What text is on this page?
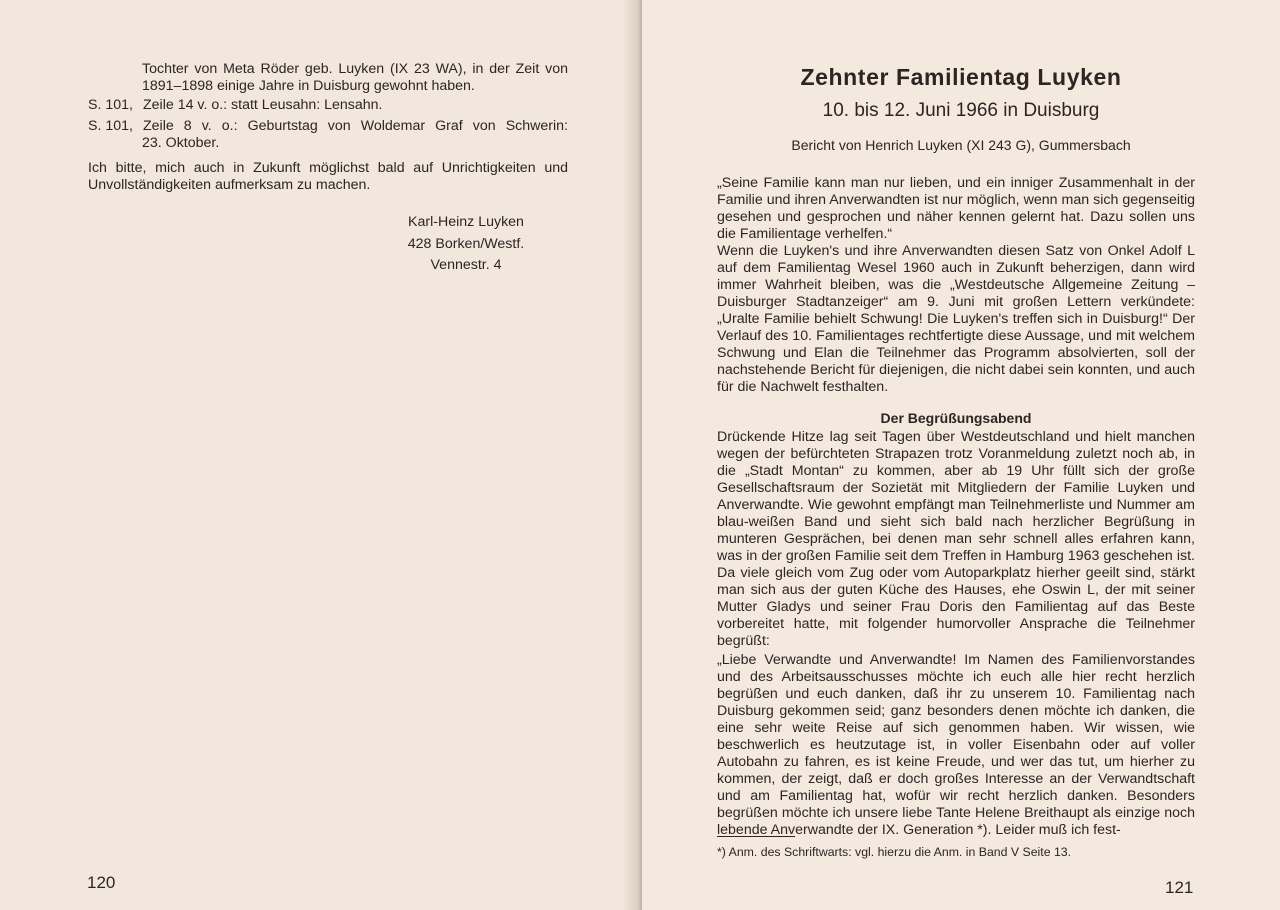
Tochter von Meta Röder geb. Luyken (IX 23 WA), in der Zeit von 1891–1898 einige Jahre in Duisburg gewohnt haben.

S. 101, Zeile 14 v. o.: statt Leusahn: Lensahn.
S. 101, Zeile 8 v. o.: Geburtstag von Woldemar Graf von Schwerin:
23. Oktober.

Ich bitte, mich auch in Zukunft möglichst bald auf Unrichtigkeiten und Unvollständigkeiten aufmerksam zu machen.

Karl-Heinz Luyken
428 Borken/Westf.
Vennestr. 4
120
Zehnter Familientag Luyken
10. bis 12. Juni 1966 in Duisburg
Bericht von Henrich Luyken (XI 243 G), Gummersbach

„Seine Familie kann man nur lieben, und ein inniger Zusammenhalt in der Familie und ihren Anverwandten ist nur möglich, wenn man sich gegenseitig gesehen und gesprochen und näher kennen gelernt hat. Dazu sollen uns die Familientage verhelfen.“

Wenn die Luyken's und ihre Anverwandten diesen Satz von Onkel Adolf L auf dem Familientag Wesel 1960 auch in Zukunft beherzigen, dann wird immer Wahrheit bleiben, was die „Westdeutsche Allgemeine Zeitung – Duisburger Stadtanzeiger“ am 9. Juni mit großen Lettern verkündete: „Uralte Familie behielt Schwung! Die Luyken's treffen sich in Duisburg!“ Der Verlauf des 10. Familientages rechtfertigte diese Aussage, und mit welchem Schwung und Elan die Teilnehmer das Programm absolvierten, soll der nachstehende Bericht für diejenigen, die nicht dabei sein konnten, und auch für die Nachwelt festhalten.

Der Begrüßungsabend

Drückende Hitze lag seit Tagen über Westdeutschland und hielt manchen wegen der befürchteten Strapazen trotz Voranmeldung zuletzt noch ab, in die „Stadt Montan“ zu kommen, aber ab 19 Uhr füllt sich der große Gesellschaftsraum der Sozietät mit Mitgliedern der Familie Luyken und Anverwandte. Wie gewohnt empfängt man Teilnehmerliste und Nummer am blau-weißen Band und sieht sich bald nach herzlicher Begrüßung in munteren Gesprächen, bei denen man sehr schnell alles erfahren kann, was in der großen Familie seit dem Treffen in Hamburg 1963 geschehen ist. Da viele gleich vom Zug oder vom Autoparkplatz hierher geeilt sind, stärkt man sich aus der guten Küche des Hauses, ehe Oswin L, der mit seiner Mutter Gladys und seiner Frau Doris den Familientag auf das Beste vorbereitet hatte, mit folgender humorvoller Ansprache die Teilnehmer begrüßt:

„Liebe Verwandte und Anverwandte! Im Namen des Familienvorstandes und des Arbeitsausschusses möchte ich euch alle hier recht herzlich begrüßen und euch danken, daß ihr zu unserem 10. Familientag nach Duisburg gekommen seid; ganz besonders denen möchte ich danken, die eine sehr weite Reise auf sich genommen haben. Wir wissen, wie beschwerlich es heutzutage ist, in voller Eisenbahn oder auf voller Autobahn zu fahren, es ist keine Freude, und wer das tut, um hierher zu kommen, der zeigt, daß er doch großes Interesse an der Verwandtschaft und am Familientag hat, wofür wir recht herzlich danken. Besonders begrüßen möchte ich unsere liebe Tante Helene Breithaupt als einzige noch lebende Anverwandte der IX. Generation *). Leider muß ich fest-

*) Anm. des Schriftwarts: vgl. hierzu die Anm. in Band V Seite 13.
121
